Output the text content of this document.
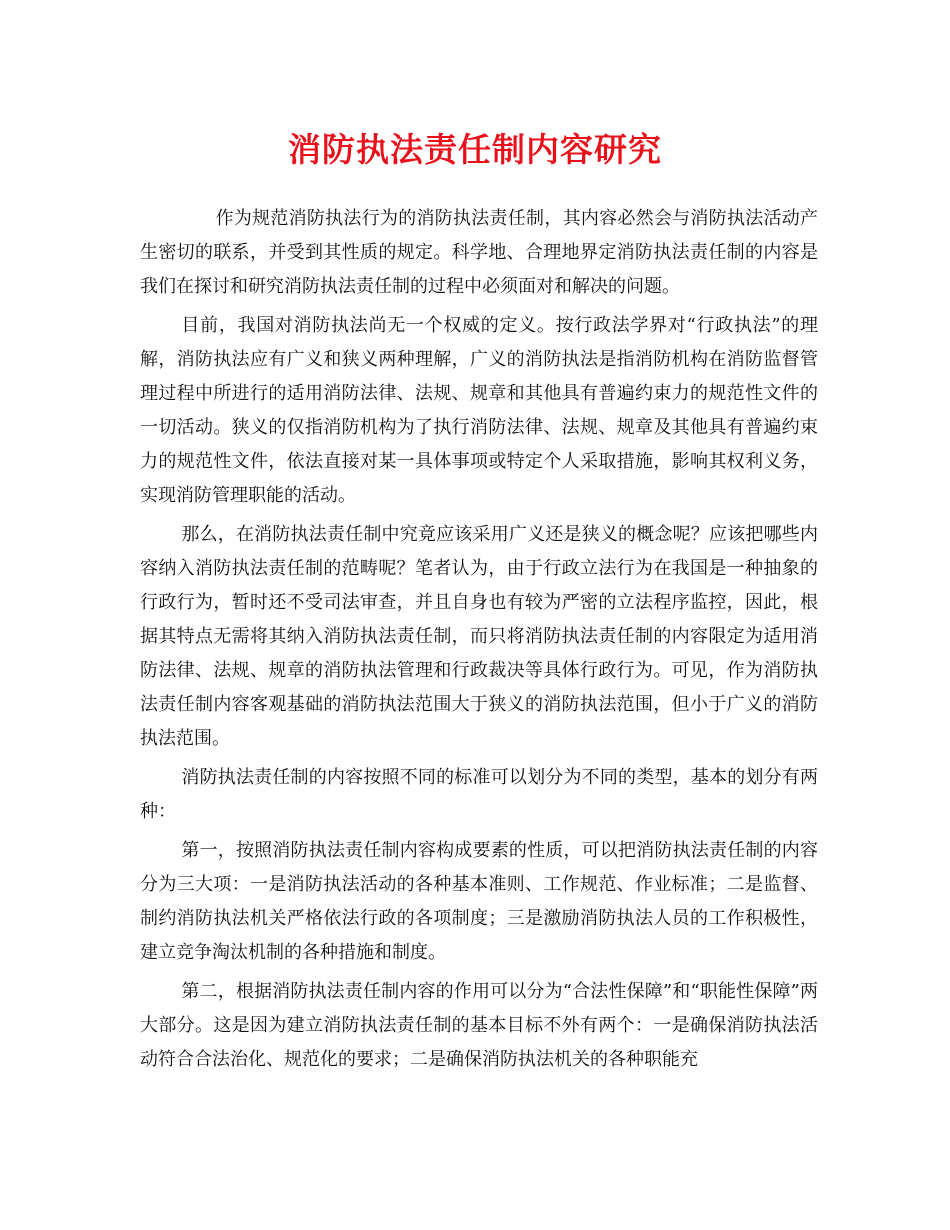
消防执法责任制内容研究

作为规范消防执法行为的消防执法责任制，其内容必然会与消防执法活动产生密切的联系，并受到其性质的规定。科学地、合理地界定消防执法责任制的内容是我们在探讨和研究消防执法责任制的过程中必须面对和解决的问题。

目前，我国对消防执法尚无一个权威的定义。按行政法学界对“行政执法”的理解，消防执法应有广义和狭义两种理解，广义的消防执法是指消防机构在消防监督管理过程中所进行的适用消防法律、法规、规章和其他具有普遍约束力的规范性文件的一切活动。狭义的仅指消防机构为了执行消防法律、法规、规章及其他具有普遍约束力的规范性文件，依法直接对某一具体事项或特定个人采取措施，影响其权利义务，实现消防管理职能的活动。

那么，在消防执法责任制中究竟应该采用广义还是狭义的概念呢？应该把哪些内容纳入消防执法责任制的范畴呢？笔者认为，由于行政立法行为在我国是一种抽象的行政行为，暂时还不受司法审查，并且自身也有较为严密的立法程序监控，因此，根据其特点无需将其纳入消防执法责任制，而只将消防执法责任制的内容限定为适用消防法律、法规、规章的消防执法管理和行政裁决等具体行政行为。可见，作为消防执法责任制内容客观基础的消防执法范围大于狭义的消防执法范围，但小于广义的消防执法范围。

消防执法责任制的内容按照不同的标准可以划分为不同的类型，基本的划分有两种：

第一，按照消防执法责任制内容构成要素的性质，可以把消防执法责任制的内容分为三大项：一是消防执法活动的各种基本准则、工作规范、作业标准；二是监督、制约消防执法机关严格依法行政的各项制度；三是激励消防执法人员的工作积极性，建立竞争淘汰机制的各种措施和制度。

第二，根据消防执法责任制内容的作用可以分为“合法性保障”和“职能性保障”两大部分。这是因为建立消防执法责任制的基本目标不外有两个：一是确保消防执法活动符合合法治化、规范化的要求；二是确保消防执法机关的各种职能充
